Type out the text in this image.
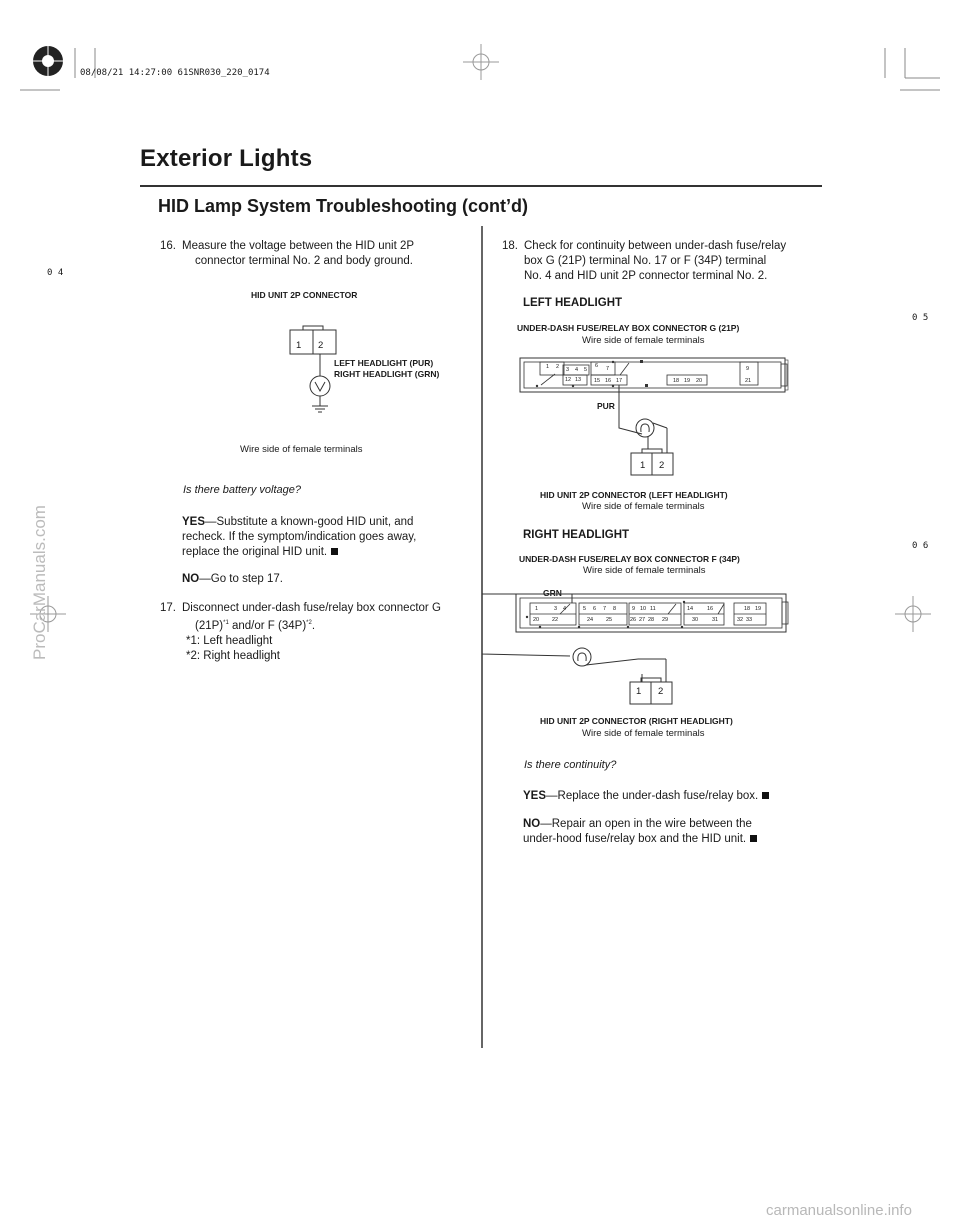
08/08/21 14:27:00 61SNR030_220_0174
Exterior Lights
HID Lamp System Troubleshooting (cont’d)
0 4
0 5
0 6
ProCarManuals.com
carmanualsonline.info
16. Measure the voltage between the HID unit 2P
connector terminal No. 2 and body ground.
HID UNIT 2P CONNECTOR
1 2
LEFT HEADLIGHT (PUR)
RIGHT HEADLIGHT (GRN)
Wire side of female terminals
Is there battery voltage?
YES—Substitute a known-good HID unit, and
recheck. If the symptom/indication goes away,
replace the original HID unit.
NO—Go to step 17.
17. Disconnect under-dash fuse/relay box connector G
$(21P)^{*1}$ and/or F $(34P)^{*2}$.
*1: Left headlight
*2: Right headlight
18. Check for continuity between under-dash fuse/relay
box G (21P) terminal No. 17 or F (34P) terminal
No. 4 and HID unit 2P connector terminal No. 2.
LEFT HEADLIGHT
UNDER-DASH FUSE/RELAY BOX CONNECTOR G (21P)
Wire side of female terminals
1 2 3 4 5
6 7
12 13 15 16 17	18 19 20
9
21
PUR
1 2
HID UNIT 2P CONNECTOR (LEFT HEADLIGHT)
Wire side of female terminals
RIGHT HEADLIGHT
UNDER-DASH FUSE/RELAY BOX CONNECTOR F (34P)
Wire side of female terminals
GRN
1	3 4	5 6 7 8	9 10 11	14	16	18 19
20 22	24 25	26 27 28 29	30	31	32 33
1 2
HID UNIT 2P CONNECTOR (RIGHT HEADLIGHT)
Wire side of female terminals
Is there continuity?
YES—Replace the under-dash fuse/relay box.
NO—Repair an open in the wire between the
under-hood fuse/relay box and the HID unit.
